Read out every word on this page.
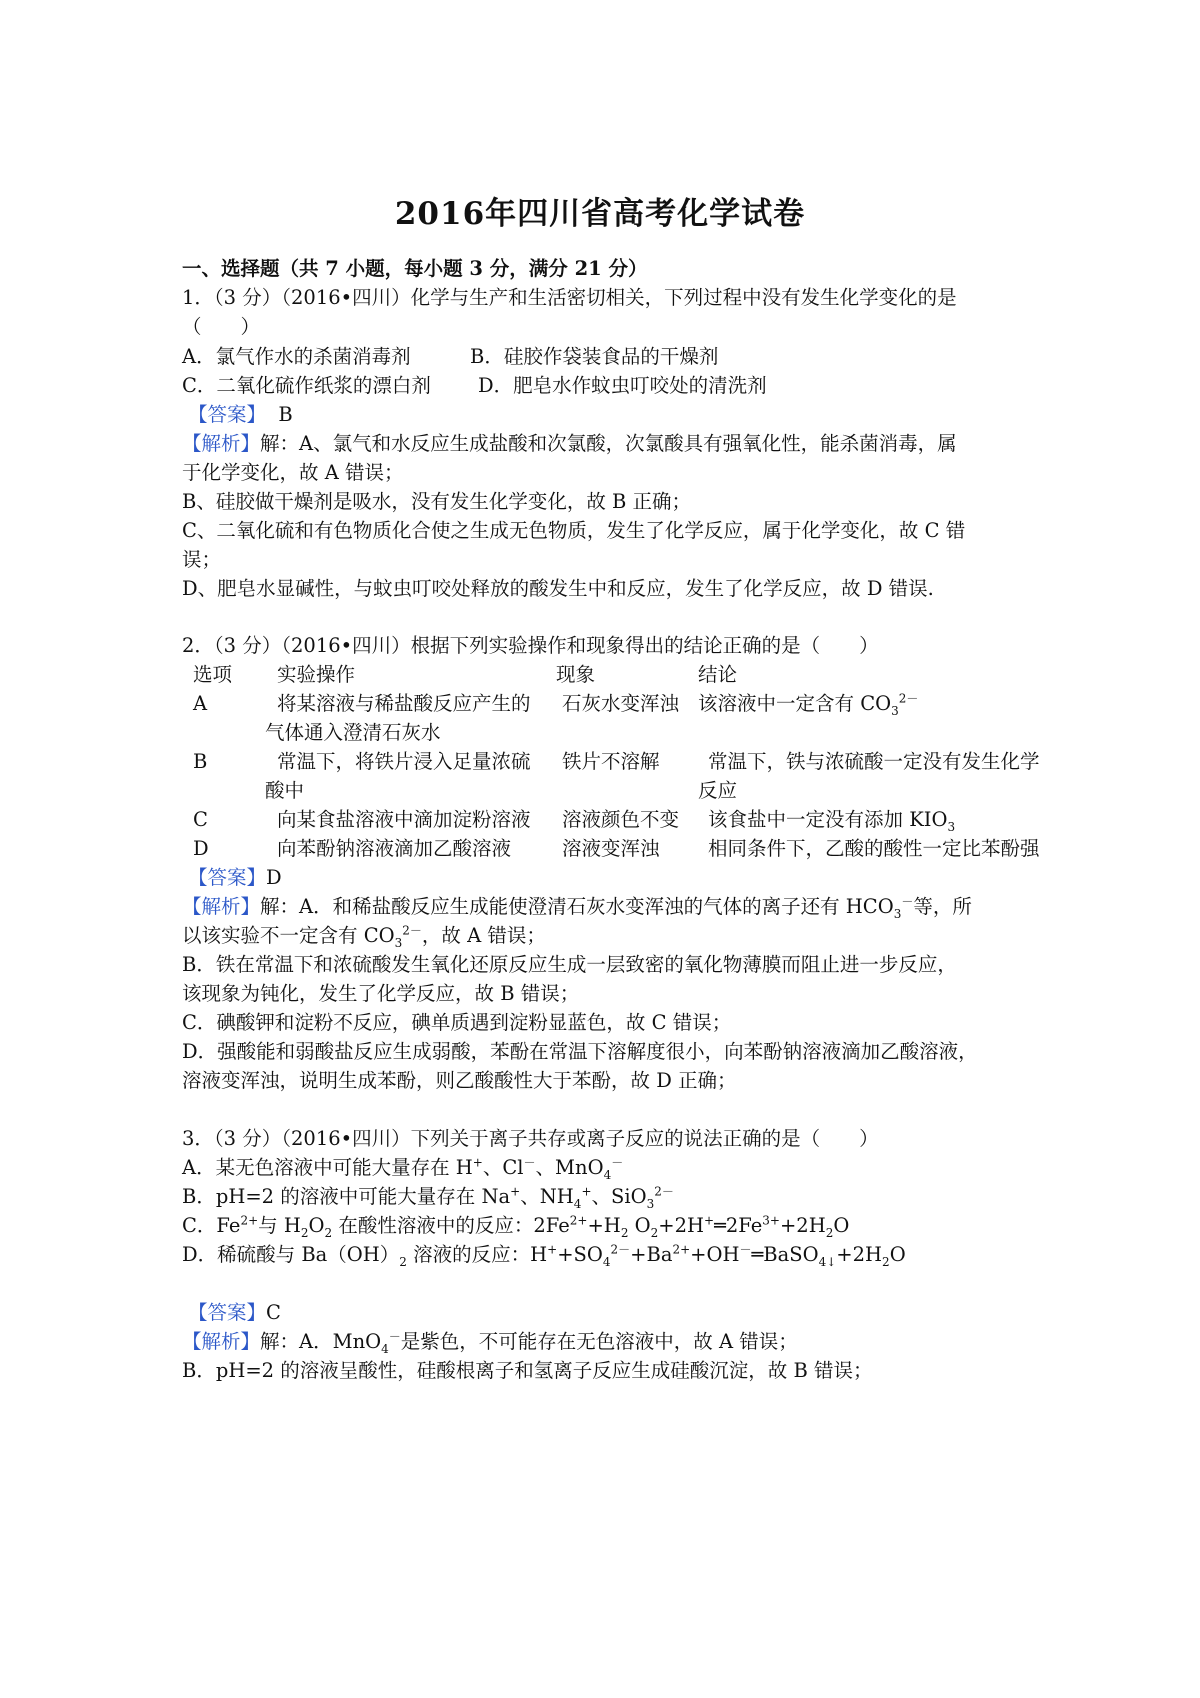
2016年四川省高考化学试卷
一、选择题（共 7 小题，每小题 3 分，满分 21 分）
1．（3 分）（2016•四川）化学与生产和生活密切相关，下列过程中没有发生化学变化的是
（　　）
A．氯气作水的杀菌消毒剂	B．硅胶作袋装食品的干燥剂
C．二氧化硫作纸浆的漂白剂 D．肥皂水作蚊虫叮咬处的清洗剂
【答案】 B
【解析】解：A、氯气和水反应生成盐酸和次氯酸，次氯酸具有强氧化性，能杀菌消毒，属
于化学变化，故 A 错误；
B、硅胶做干燥剂是吸水，没有发生化学变化，故 B 正确；
C、二氧化硫和有色物质化合使之生成无色物质，发生了化学反应，属于化学变化，故 C 错
误；
D、肥皂水显碱性，与蚊虫叮咬处释放的酸发生中和反应，发生了化学反应，故 D 错误.
2．（3 分）（2016•四川）根据下列实验操作和现象得出的结论正确的是（　　）
选项 实验操作	现象	结论
A	将某溶液与稀盐酸反应产生的
气体通入澄清石灰水
石灰水变浑浊 该溶液中一定含有 $CO_3^{2-}$
B	常温下，将铁片浸入足量浓硫
酸中
铁片不溶解 常温下，铁与浓硫酸一定没有发生化学
反应
C	向某食盐溶液中滴加淀粉溶液 溶液颜色不变 该食盐中一定没有添加 $KIO_3$
D	向苯酚钠溶液滴加乙酸溶液	溶液变浑浊 相同条件下，乙酸的酸性一定比苯酚强
【答案】D
【解析】解：A．和稀盐酸反应生成能使澄清石灰水变浑浊的气体的离子还有 $HCO_3^-$等，所
以该实验不一定含有 $CO_3^{2-}$，故 A 错误；
B．铁在常温下和浓硫酸发生氧化还原反应生成一层致密的氧化物薄膜而阻止进一步反应，
该现象为钝化，发生了化学反应，故 B 错误；
C．碘酸钾和淀粉不反应，碘单质遇到淀粉显蓝色，故 C 错误；
D．强酸能和弱酸盐反应生成弱酸，苯酚在常温下溶解度很小，向苯酚钠溶液滴加乙酸溶液，
溶液变浑浊，说明生成苯酚，则乙酸酸性大于苯酚，故 D 正确；
3．（3 分）（2016•四川）下列关于离子共存或离子反应的说法正确的是（　　）
A．某无色溶液中可能大量存在 H+、Cl－、MnO$_4$－
B．pH=2 的溶液中可能大量存在 Na+、$NH_4^+$、SiO$_3^{2-}$
C．$Fe^{2+}$与 $H_2O_2$ 在酸性溶液中的反应：$2Fe^{2+}+H_2$ $O_2+2H^+═2Fe^{3+}+2H_2O$
D．稀硫酸与 $Ba(OH)_2$ 溶液的反应：$H^++SO_4^{2-}+Ba^{2+}+OH^-═BaSO_{4↓}+2H_2O$
【答案】C
【解析】解：A．MnO$_4$－是紫色，不可能存在无色溶液中，故 A 错误；
B．pH=2 的溶液呈酸性，硅酸根离子和氢离子反应生成硅酸沉淀，故 B 错误；
